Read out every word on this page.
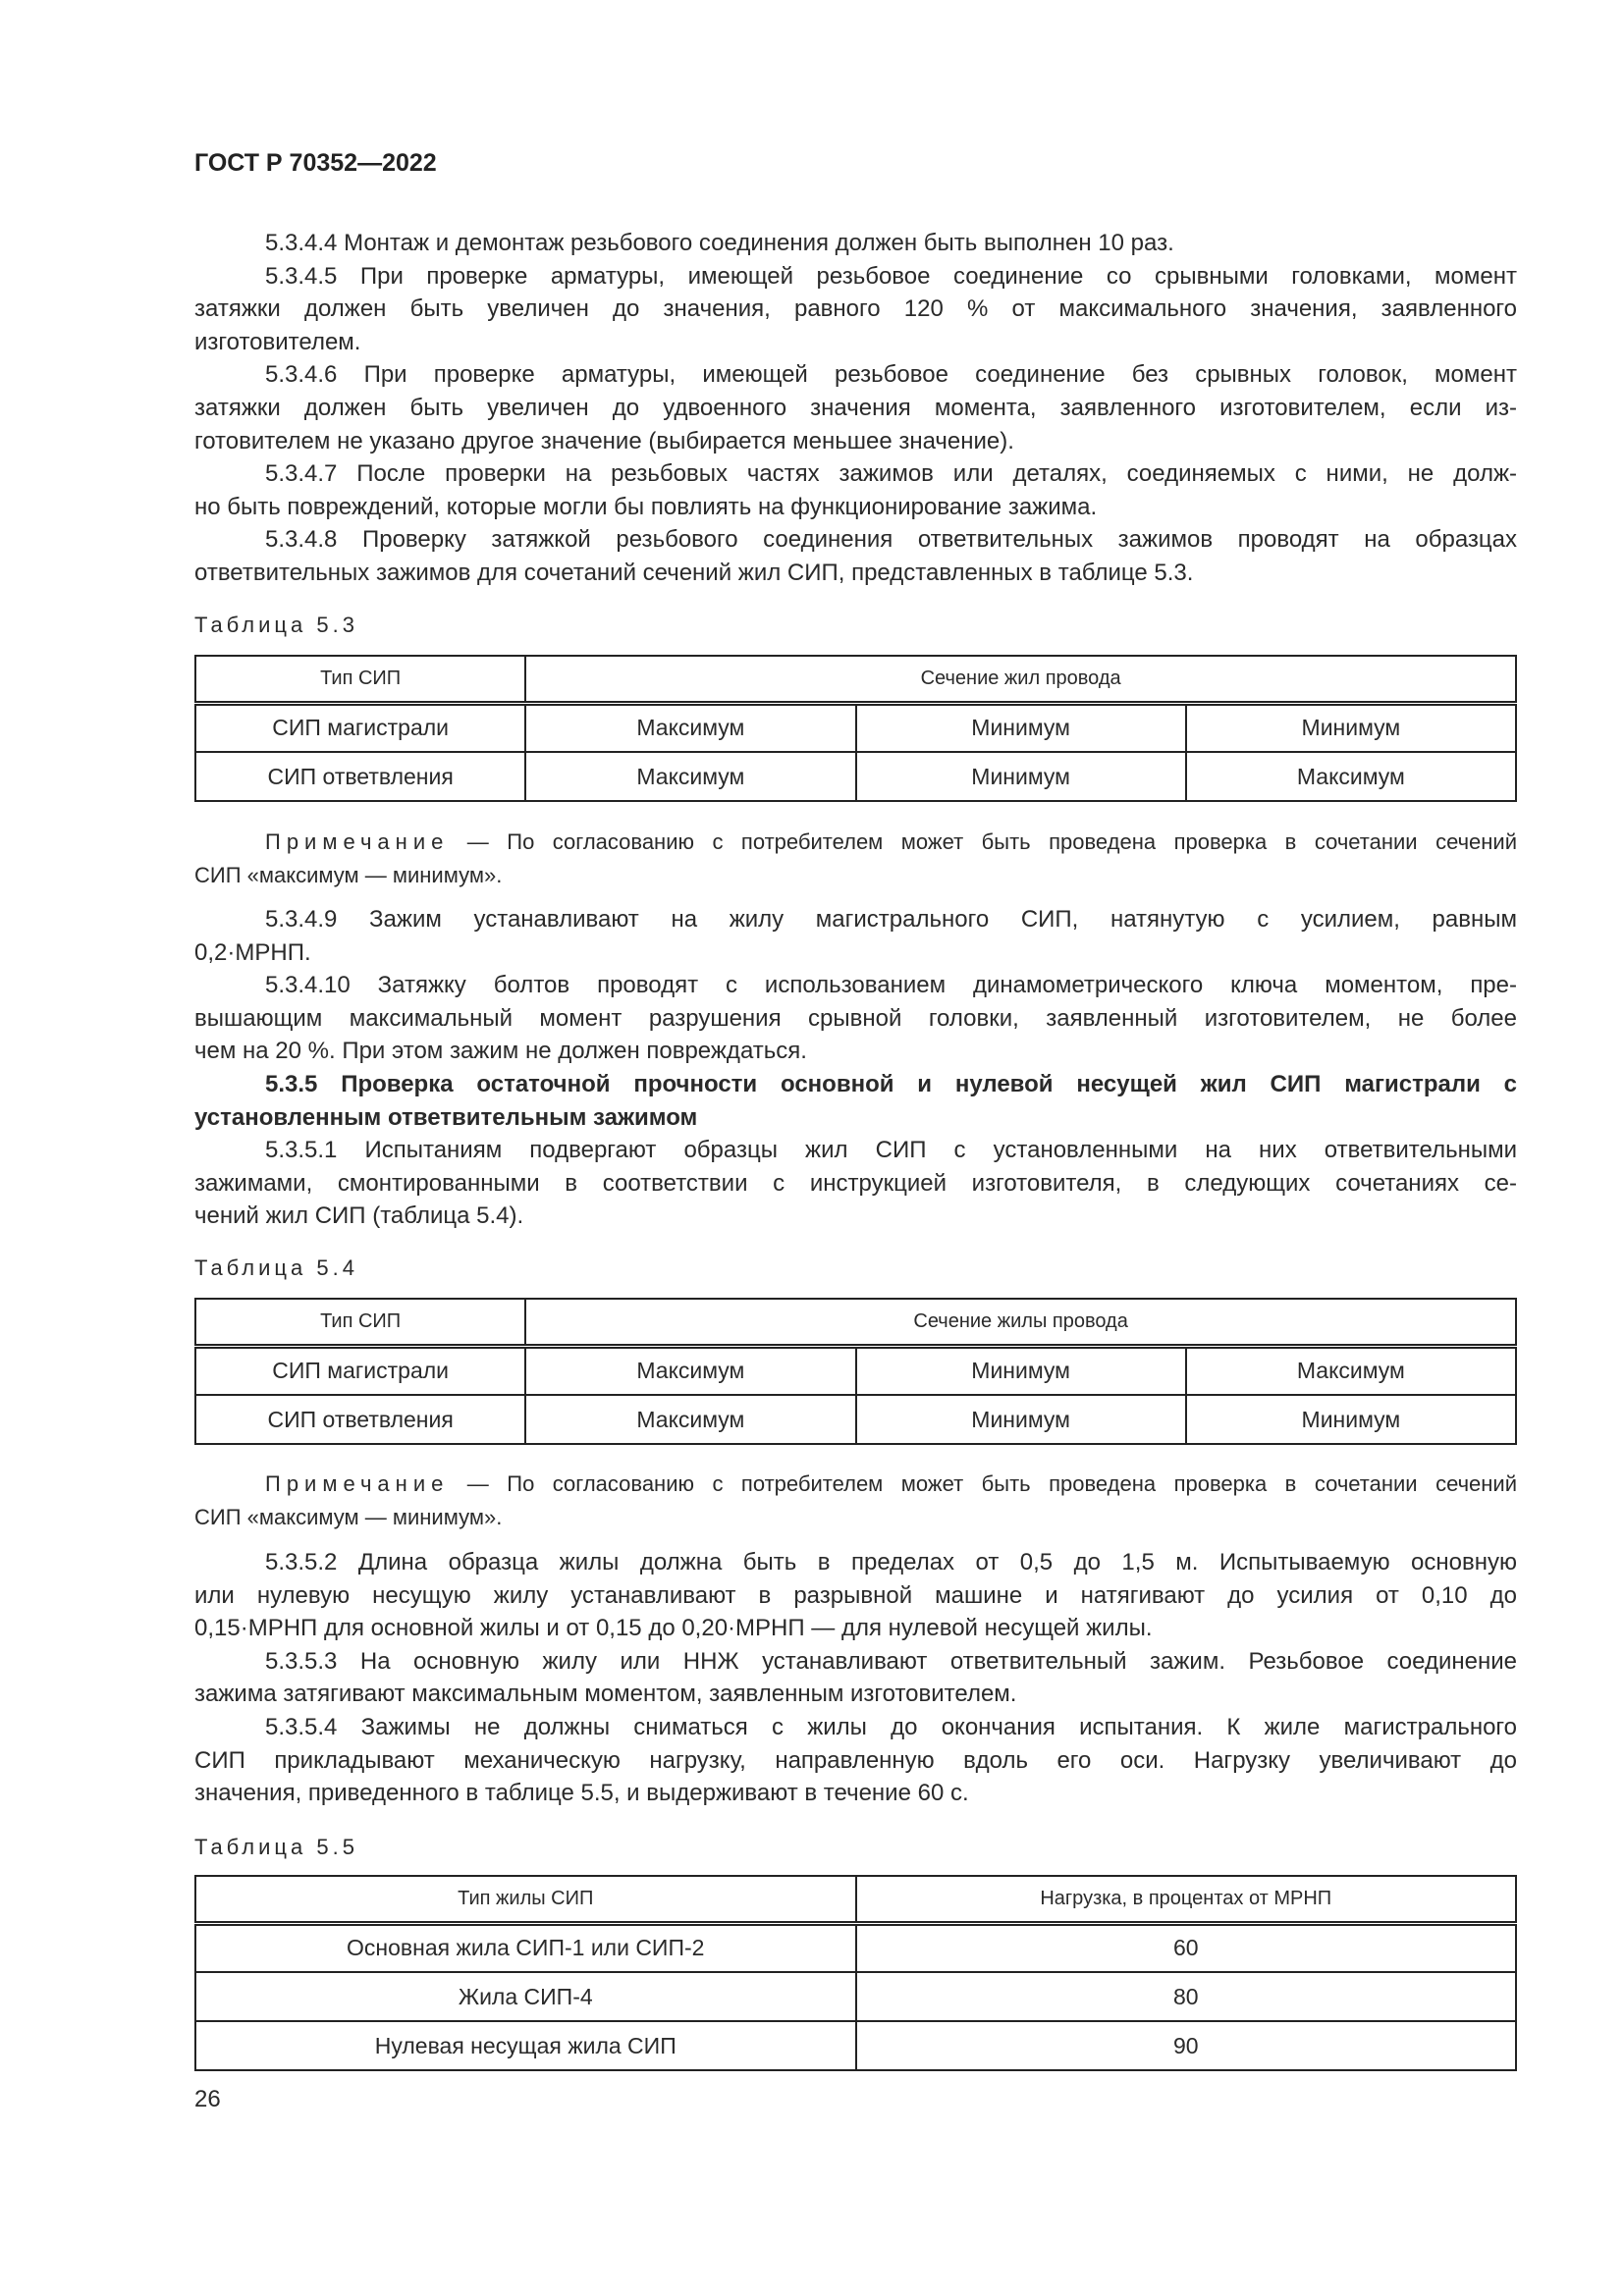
ГОСТ Р 70352—2022
5.3.4.4 Монтаж и демонтаж резьбового соединения должен быть выполнен 10 раз.
5.3.4.5 При проверке арматуры, имеющей резьбовое соединение со срывными головками, момент
затяжки должен быть увеличен до значения, равного 120 % от максимального значения, заявленного
изготовителем.
5.3.4.6 При проверке арматуры, имеющей резьбовое соединение без срывных головок, момент
затяжки должен быть увеличен до удвоенного значения момента, заявленного изготовителем, если из-
готовителем не указано другое значение (выбирается меньшее значение).
5.3.4.7 После проверки на резьбовых частях зажимов или деталях, соединяемых с ними, не долж-
но быть повреждений, которые могли бы повлиять на функционирование зажима.
5.3.4.8 Проверку затяжкой резьбового соединения ответвительных зажимов проводят на образцах
ответвительных зажимов для сочетаний сечений жил СИП, представленных в таблице 5.3.
Таблица 5.3
Тип СИП	Сечение жил провода		
СИП магистрали	Максимум	Минимум	Минимум
СИП ответвления	Максимум	Минимум	Максимум
Примечание — По согласованию с потребителем может быть проведена проверка в сочетании сечений
СИП «максимум — минимум».
5.3.4.9 Зажим устанавливают на жилу магистрального СИП, натянутую с усилием, равным
0,2·МРНП.
5.3.4.10 Затяжку болтов проводят с использованием динамометрического ключа моментом, пре-
вышающим максимальный момент разрушения срывной головки, заявленный изготовителем, не более
чем на 20 %. При этом зажим не должен повреждаться.
5.3.5 Проверка остаточной прочности основной и нулевой несущей жил СИП магистрали с
установленным ответвительным зажимом
5.3.5.1 Испытаниям подвергают образцы жил СИП с установленными на них ответвительными
зажимами, смонтированными в соответствии с инструкцией изготовителя, в следующих сочетаниях се-
чений жил СИП (таблица 5.4).
Таблица 5.4
Тип СИП	Сечение жилы провода		
СИП магистрали	Максимум	Минимум	Максимум
СИП ответвления	Максимум	Минимум	Минимум
Примечание — По согласованию с потребителем может быть проведена проверка в сочетании сечений
СИП «максимум — минимум».
5.3.5.2 Длина образца жилы должна быть в пределах от 0,5 до 1,5 м. Испытываемую основную
или нулевую несущую жилу устанавливают в разрывной машине и натягивают до усилия от 0,10 до
0,15·МРНП для основной жилы и от 0,15 до 0,20·МРНП — для нулевой несущей жилы.
5.3.5.3 На основную жилу или ННЖ устанавливают ответвительный зажим. Резьбовое соединение
зажима затягивают максимальным моментом, заявленным изготовителем.
5.3.5.4 Зажимы не должны сниматься с жилы до окончания испытания. К жиле магистрального
СИП прикладывают механическую нагрузку, направленную вдоль его оси. Нагрузку увеличивают до
значения, приведенного в таблице 5.5, и выдерживают в течение 60 с.
Таблица 5.5
Тип жилы СИП	Нагрузка, в процентах от МРНП
Основная жила СИП-1 или СИП-2	60
Жила СИП-4	80
Нулевая несущая жила СИП	90
26
